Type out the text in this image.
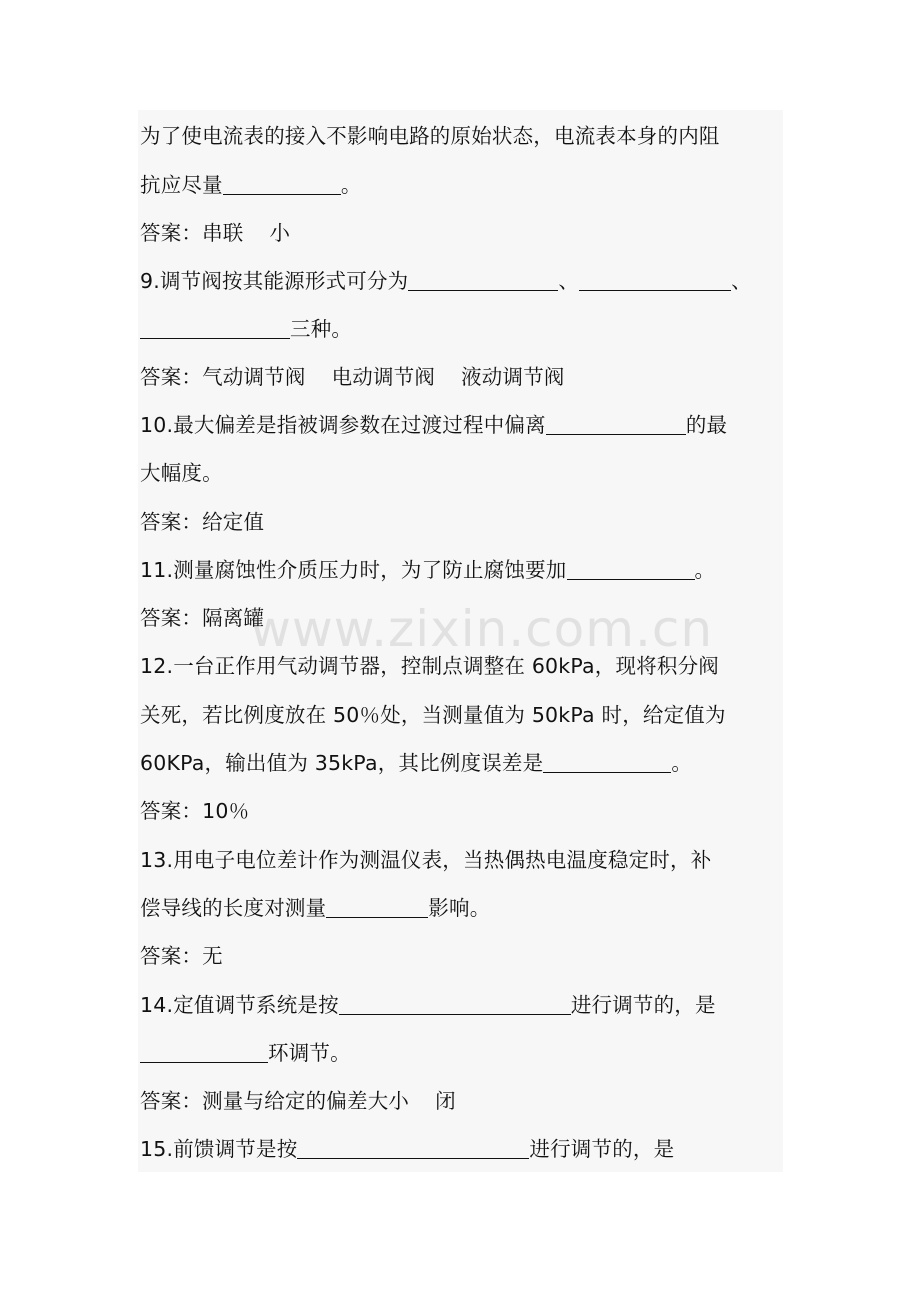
www.zixin.com.cn
为了使电流表的接入不影响电路的原始状态，电流表本身的内阻
抗应尽量	。
答案：串联 小
9.调节阀按其能源形式可分为	、	、
三种。
答案：气动调节阀 电动调节阀 液动调节阀
10.最大偏差是指被调参数在过渡过程中偏离	的最
大幅度。
答案：给定值
11.测量腐蚀性介质压力时，为了防止腐蚀要加	。
答案：隔离罐
12.一台正作用气动调节器，控制点调整在 60kPa，现将积分阀
关死，若比例度放在 50％处，当测量值为 50kPa 时，给定值为
60KPa，输出值为 35kPa，其比例度误差是	。
答案：10％
13.用电子电位差计作为测温仪表，当热偶热电温度稳定时，补
偿导线的长度对测量	影响。
答案：无
14.定值调节系统是按	进行调节的，是
环调节。
答案：测量与给定的偏差大小 闭
15.前馈调节是按	进行调节的，是
